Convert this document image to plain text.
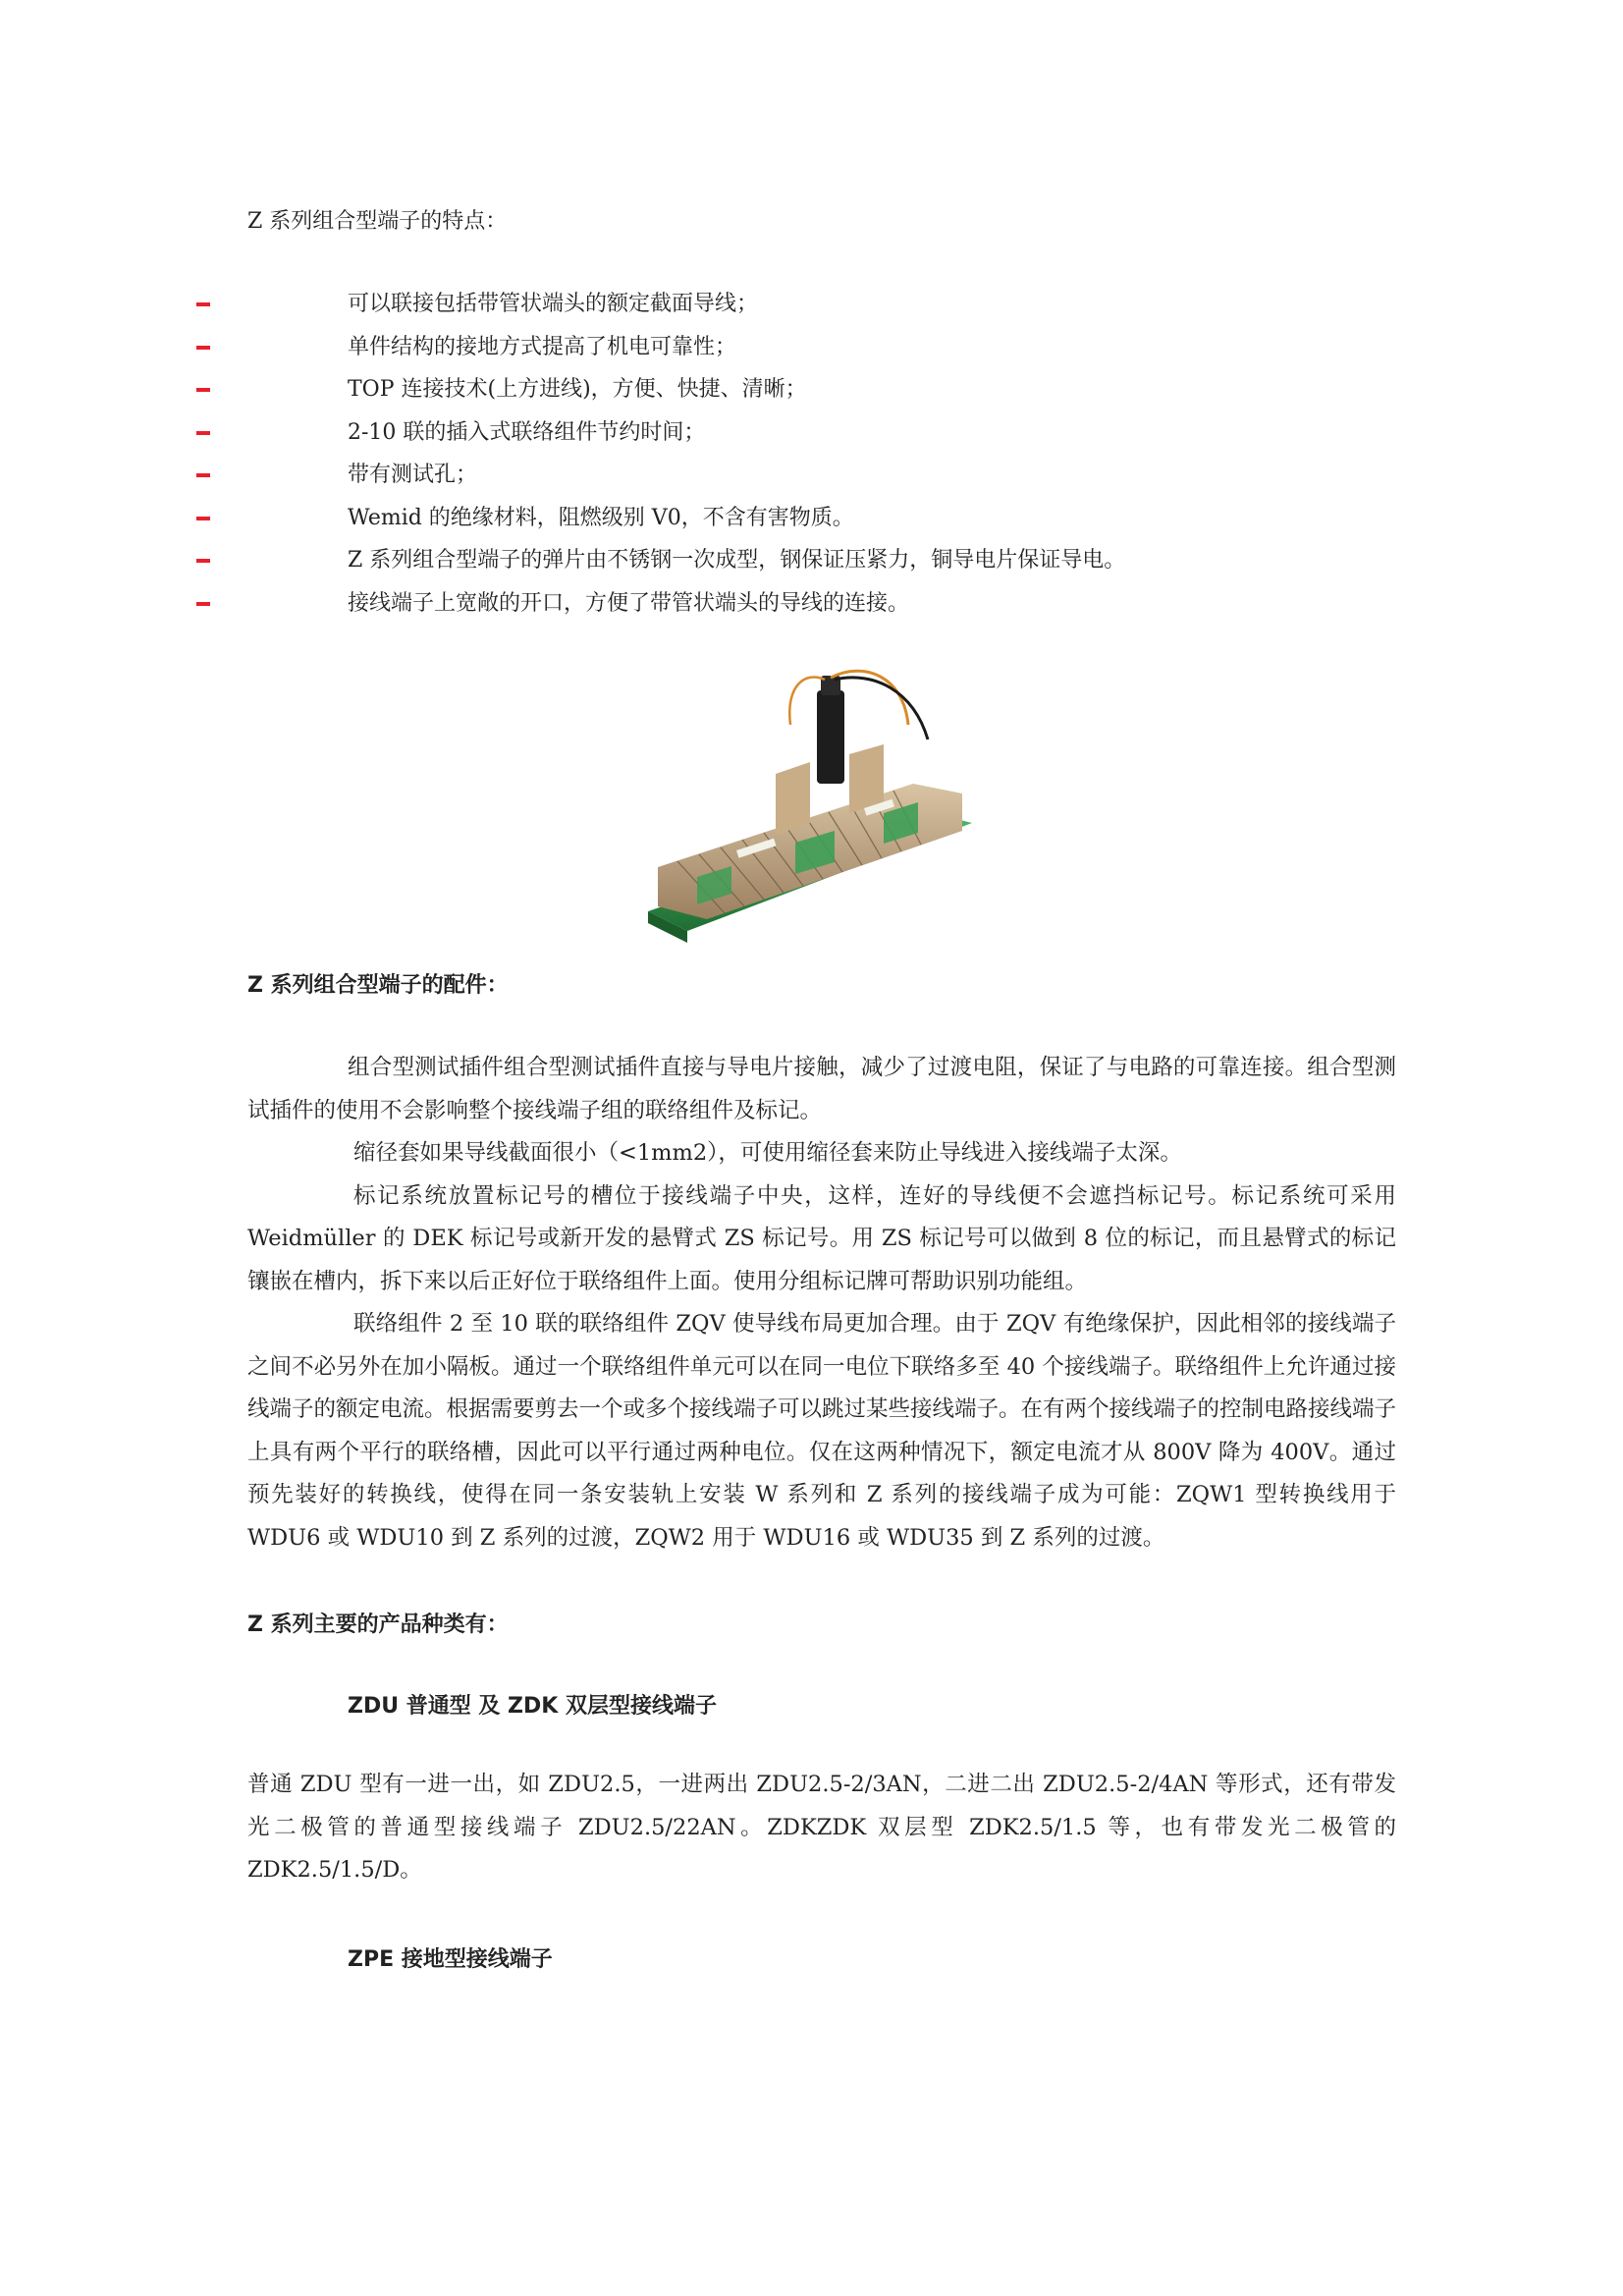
Z 系列组合型端子的特点：
可以联接包括带管状端头的额定截面导线；
单件结构的接地方式提高了机电可靠性；
TOP 连接技术(上方进线)，方便、快捷、清晰；
2-10 联的插入式联络组件节约时间；
带有测试孔；
Wemid 的绝缘材料，阻燃级别 V0，不含有害物质。
Z 系列组合型端子的弹片由不锈钢一次成型，钢保证压紧力，铜导电片保证导电。
接线端子上宽敞的开口，方便了带管状端头的导线的连接。
Z 系列组合型端子的配件：

组合型测试插件组合型测试插件直接与导电片接触，减少了过渡电阻，保证了与电路的可靠连接。组合型测试插件的使用不会影响整个接线端子组的联络组件及标记。

缩径套如果导线截面很小（<1mm2），可使用缩径套来防止导线进入接线端子太深。

标记系统放置标记号的槽位于接线端子中央，这样，连好的导线便不会遮挡标记号。标记系统可采用 Weidmüller 的 DEK 标记号或新开发的悬臂式 ZS 标记号。用 ZS 标记号可以做到 8 位的标记，而且悬臂式的标记镶嵌在槽内，拆下来以后正好位于联络组件上面。使用分组标记牌可帮助识别功能组。

联络组件 2 至 10 联的联络组件 ZQV 使导线布局更加合理。由于 ZQV 有绝缘保护，因此相邻的接线端子之间不必另外在加小隔板。通过一个联络组件单元可以在同一电位下联络多至 40 个接线端子。联络组件上允许通过接线端子的额定电流。根据需要剪去一个或多个接线端子可以跳过某些接线端子。在有两个接线端子的控制电路接线端子上具有两个平行的联络槽，因此可以平行通过两种电位。仅在这两种情况下，额定电流才从 800V 降为 400V。通过预先装好的转换线，使得在同一条安装轨上安装 W 系列和 Z 系列的接线端子成为可能：ZQW1 型转换线用于 WDU6 或 WDU10 到 Z 系列的过渡，ZQW2 用于 WDU16 或 WDU35 到 Z 系列的过渡。

Z 系列主要的产品种类有：
ZDU 普通型 及 ZDK 双层型接线端子

普通 ZDU 型有一进一出，如 ZDU2.5，一进两出 ZDU2.5-2/3AN，二进二出 ZDU2.5-2/4AN 等形式，还有带发光二极管的普通型接线端子 ZDU2.5/22AN。ZDKZDK 双层型 ZDK2.5/1.5 等，也有带发光二极管的 ZDK2.5/1.5/D。

ZPE 接地型接线端子
